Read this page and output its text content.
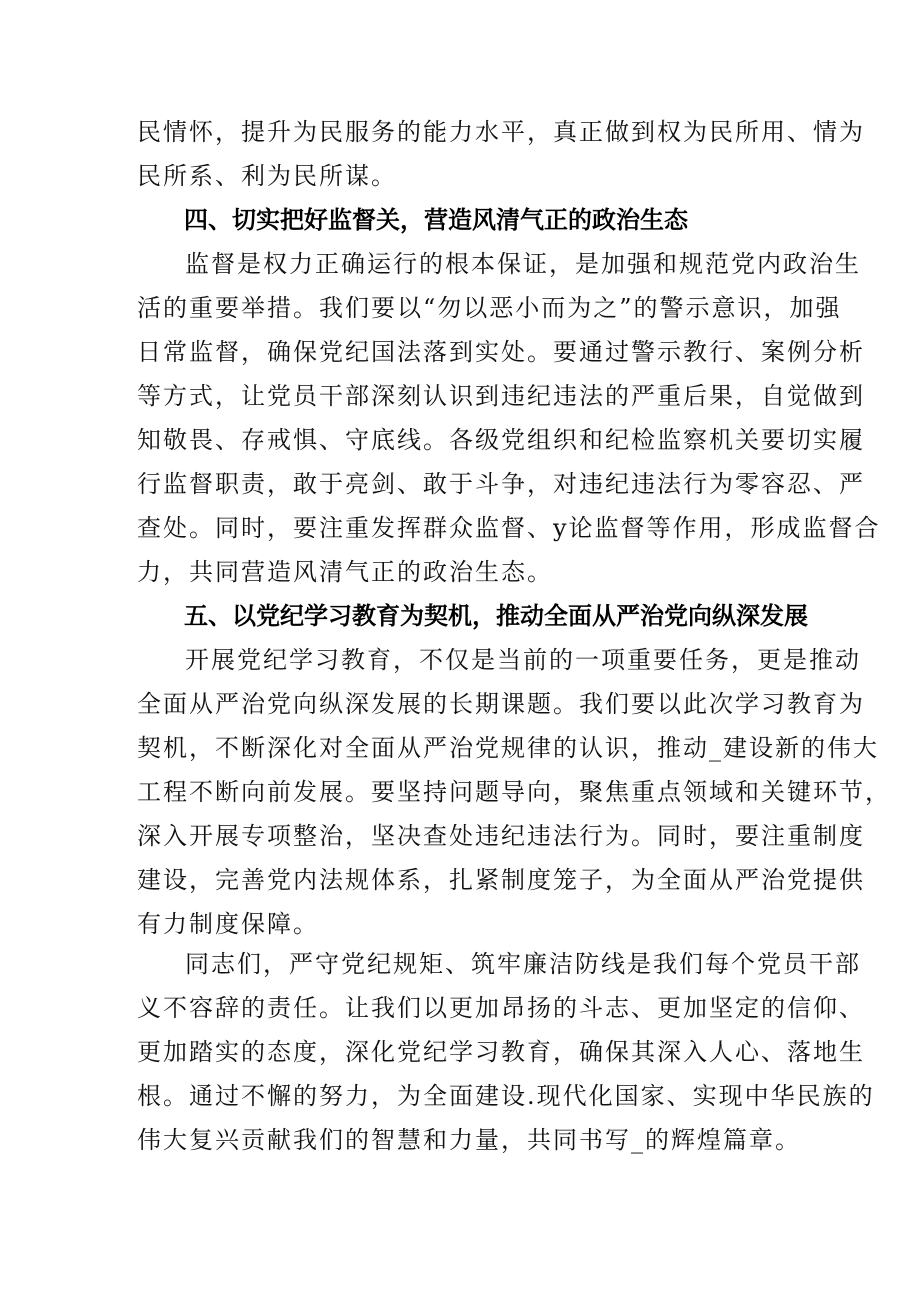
民情怀，提升为民服务的能力水平，真正做到权为民所用、情为
民所系、利为民所谋。
四、切实把好监督关，营造风清气正的政治生态
监督是权力正确运行的根本保证，是加强和规范党内政治生
活的重要举措。我们要以“勿以恶小而为之”的警示意识，加强
日常监督，确保党纪国法落到实处。要通过警示教行、案例分析
等方式，让党员干部深刻认识到违纪违法的严重后果，自觉做到
知敬畏、存戒惧、守底线。各级党组织和纪检监察机关要切实履
行监督职责，敢于亮剑、敢于斗争，对违纪违法行为零容忍、严
查处。同时，要注重发挥群众监督、y论监督等作用，形成监督合
力，共同营造风清气正的政治生态。
五、以党纪学习教育为契机，推动全面从严治党向纵深发展
开展党纪学习教育，不仅是当前的一项重要任务，更是推动
全面从严治党向纵深发展的长期课题。我们要以此次学习教育为
契机，不断深化对全面从严治党规律的认识，推动_建设新的伟大
工程不断向前发展。要坚持问题导向，聚焦重点领域和关键环节，
深入开展专项整治，坚决查处违纪违法行为。同时，要注重制度
建设，完善党内法规体系，扎紧制度笼子，为全面从严治党提供
有力制度保障。
同志们，严守党纪规矩、筑牢廉洁防线是我们每个党员干部
义不容辞的责任。让我们以更加昂扬的斗志、更加坚定的信仰、
更加踏实的态度，深化党纪学习教育，确保其深入人心、落地生
根。通过不懈的努力，为全面建设.现代化国家、实现中华民族的
伟大复兴贡献我们的智慧和力量，共同书写_的辉煌篇章。
